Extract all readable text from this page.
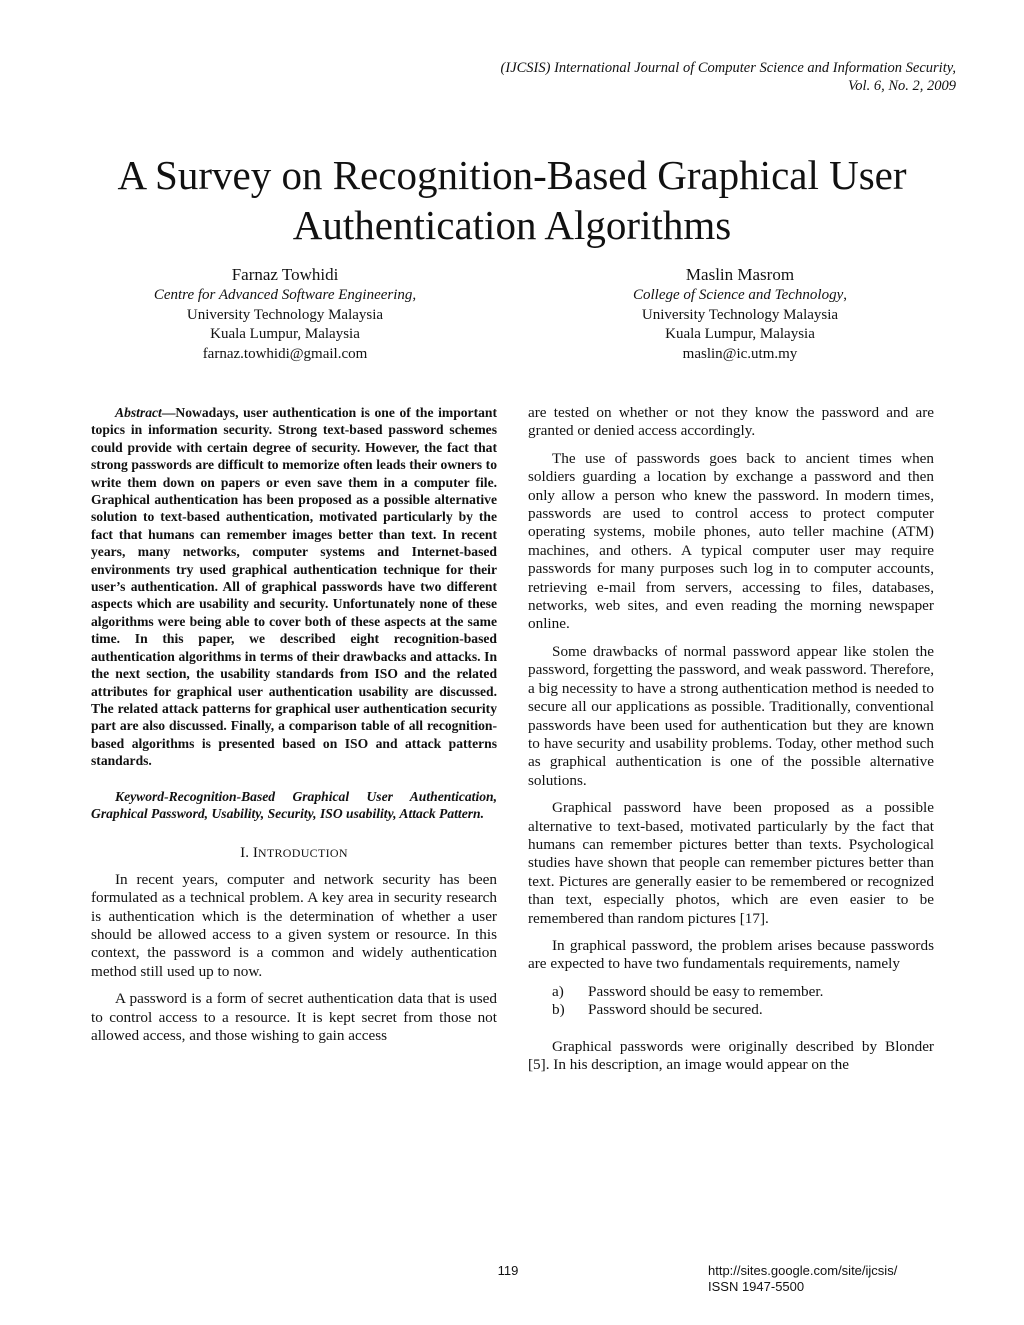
(IJCSIS) International Journal of Computer Science and Information Security,
Vol. 6, No. 2, 2009
A Survey on Recognition-Based Graphical User
Authentication Algorithms
Farnaz Towhidi
Centre for Advanced Software Engineering,
University Technology Malaysia
Kuala Lumpur, Malaysia
farnaz.towhidi@gmail.com
Maslin Masrom
College of Science and Technology,
University Technology Malaysia
Kuala Lumpur, Malaysia
maslin@ic.utm.my

Abstract—Nowadays, user authentication is one of the important topics in information security. Strong text-based password schemes could provide with certain degree of security. However, the fact that strong passwords are difficult to memorize often leads their owners to write them down on papers or even save them in a computer file. Graphical authentication has been proposed as a possible alternative solution to text-based authentication, motivated particularly by the fact that humans can remember images better than text. In recent years, many networks, computer systems and Internet-based environments try used graphical authentication technique for their user’s authentication. All of graphical passwords have two different aspects which are usability and security. Unfortunately none of these algorithms were being able to cover both of these aspects at the same time. In this paper, we described eight recognition-based authentication algorithms in terms of their drawbacks and attacks. In the next section, the usability standards from ISO and the related attributes for graphical user authentication usability are discussed. The related attack patterns for graphical user authentication security part are also discussed. Finally, a comparison table of all recognition-based algorithms is presented based on ISO and attack patterns standards.

Keyword-Recognition-Based Graphical User Authentication, Graphical Password, Usability, Security, ISO usability, Attack Pattern.

I. INTRODUCTION

In recent years, computer and network security has been formulated as a technical problem. A key area in security research is authentication which is the determination of whether a user should be allowed access to a given system or resource. In this context, the password is a common and widely authentication method still used up to now.

A password is a form of secret authentication data that is used to control access to a resource. It is kept secret from those not allowed access, and those wishing to gain access

are tested on whether or not they know the password and are granted or denied access accordingly.

The use of passwords goes back to ancient times when soldiers guarding a location by exchange a password and then only allow a person who knew the password. In modern times, passwords are used to control access to protect computer operating systems, mobile phones, auto teller machine (ATM) machines, and others. A typical computer user may require passwords for many purposes such log in to computer accounts, retrieving e-mail from servers, accessing to files, databases, networks, web sites, and even reading the morning newspaper online.

Some drawbacks of normal password appear like stolen the password, forgetting the password, and weak password. Therefore, a big necessity to have a strong authentication method is needed to secure all our applications as possible. Traditionally, conventional passwords have been used for authentication but they are known to have security and usability problems. Today, other method such as graphical authentication is one of the possible alternative solutions.

Graphical password have been proposed as a possible alternative to text-based, motivated particularly by the fact that humans can remember pictures better than texts. Psychological studies have shown that people can remember pictures better than text. Pictures are generally easier to be remembered or recognized than text, especially photos, which are even easier to be remembered than random pictures [17].

In graphical password, the problem arises because passwords are expected to have two fundamentals requirements, namely

a)	Password should be easy to remember.
b)	Password should be secured.

Graphical passwords were originally described by Blonder [5]. In his description, an image would appear on the

119	http://sites.google.com/site/ijcsis/
ISSN 1947-5500
